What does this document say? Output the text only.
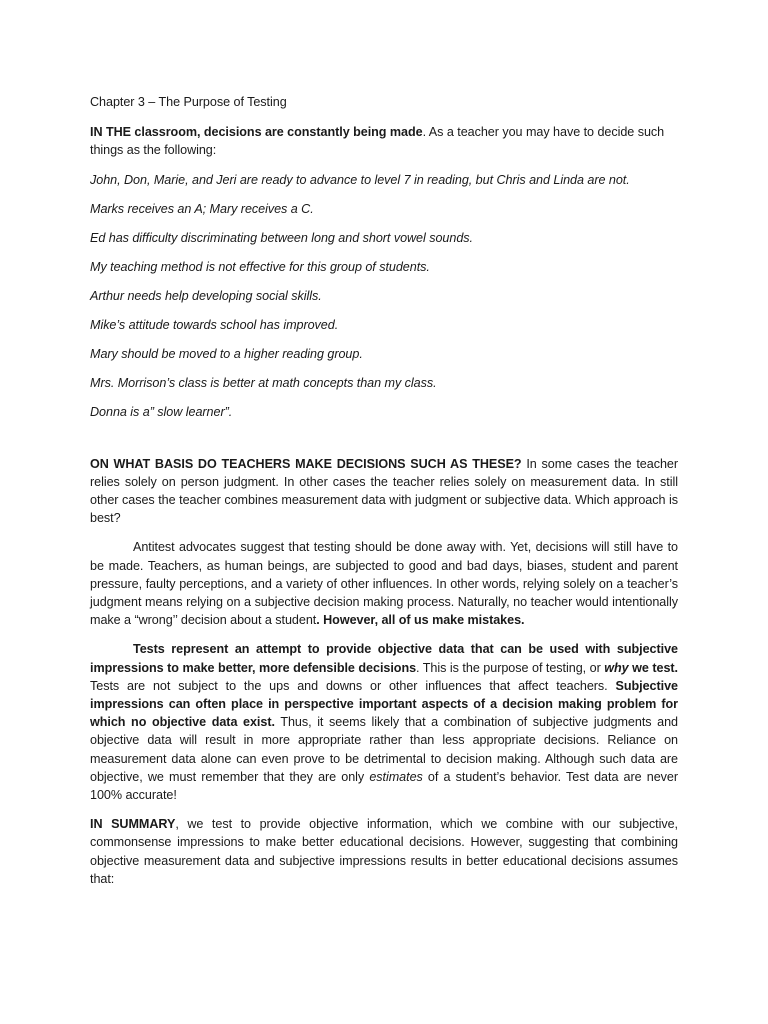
Chapter 3 – The Purpose of Testing

IN THE classroom, decisions are constantly being made. As a teacher you may have to decide such things as the following:

John, Don, Marie, and Jeri are ready to advance to level 7 in reading, but Chris and Linda are not.
Marks receives an A; Mary receives a C.
Ed has difficulty discriminating between long and short vowel sounds.
My teaching method is not effective for this group of students.
Arthur needs help developing social skills.
Mike’s attitude towards school has improved.
Mary should be moved to a higher reading group.
Mrs. Morrison’s class is better at math concepts than my class.
Donna is a” slow learner”.

ON WHAT BASIS DO TEACHERS MAKE DECISIONS SUCH AS THESE? In some cases the teacher relies solely on person judgment. In other cases the teacher relies solely on measurement data. In still other cases the teacher combines measurement data with judgment or subjective data. Which approach is best?

Antitest advocates suggest that testing should be done away with. Yet, decisions will still have to be made. Teachers, as human beings, are subjected to good and bad days, biases, student and parent pressure, faulty perceptions, and a variety of other influences. In other words, relying solely on a teacher’s judgment means relying on a subjective decision making process. Naturally, no teacher would intentionally make a “wrong’’ decision about a student. However, all of us make mistakes.

Tests represent an attempt to provide objective data that can be used with subjective impressions to make better, more defensible decisions. This is the purpose of testing, or why we test. Tests are not subject to the ups and downs or other influences that affect teachers. Subjective impressions can often place in perspective important aspects of a decision making problem for which no objective data exist. Thus, it seems likely that a combination of subjective judgments and objective data will result in more appropriate rather than less appropriate decisions. Reliance on measurement data alone can even prove to be detrimental to decision making. Although such data are objective, we must remember that they are only estimates of a student’s behavior. Test data are never 100% accurate!

IN SUMMARY, we test to provide objective information, which we combine with our subjective, commonsense impressions to make better educational decisions. However, suggesting that combining objective measurement data and subjective impressions results in better educational decisions assumes that:
